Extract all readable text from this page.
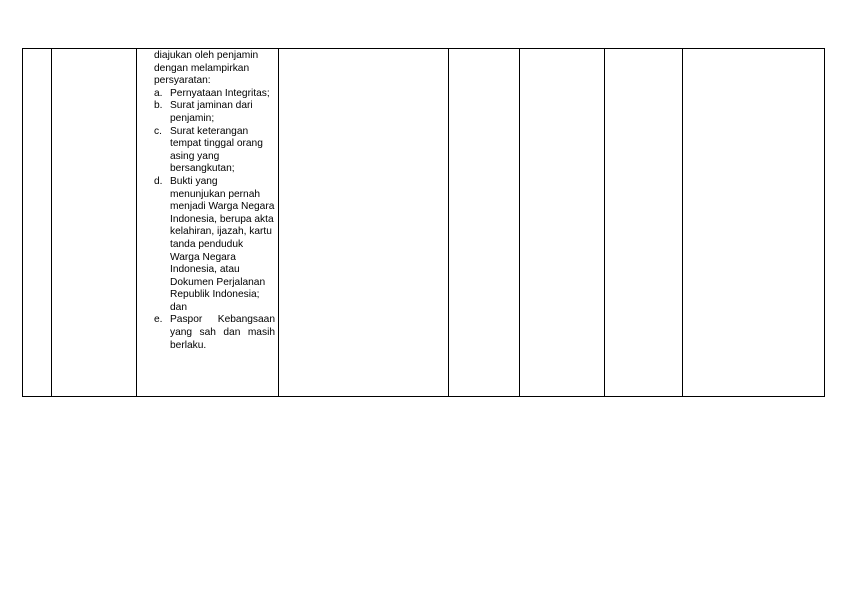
diajukan oleh penjamin dengan melampirkan persyaratan:
a. Pernyataan Integritas;
b. Surat jaminan dari penjamin;
c. Surat keterangan tempat tinggal orang asing yang bersangkutan;
d. Bukti yang menunjukan pernah menjadi Warga Negara Indonesia, berupa akta kelahiran, ijazah, kartu tanda penduduk Warga Negara Indonesia, atau Dokumen Perjalanan Republik Indonesia; dan
e. Paspor Kebangsaan yang sah dan masih berlaku.
